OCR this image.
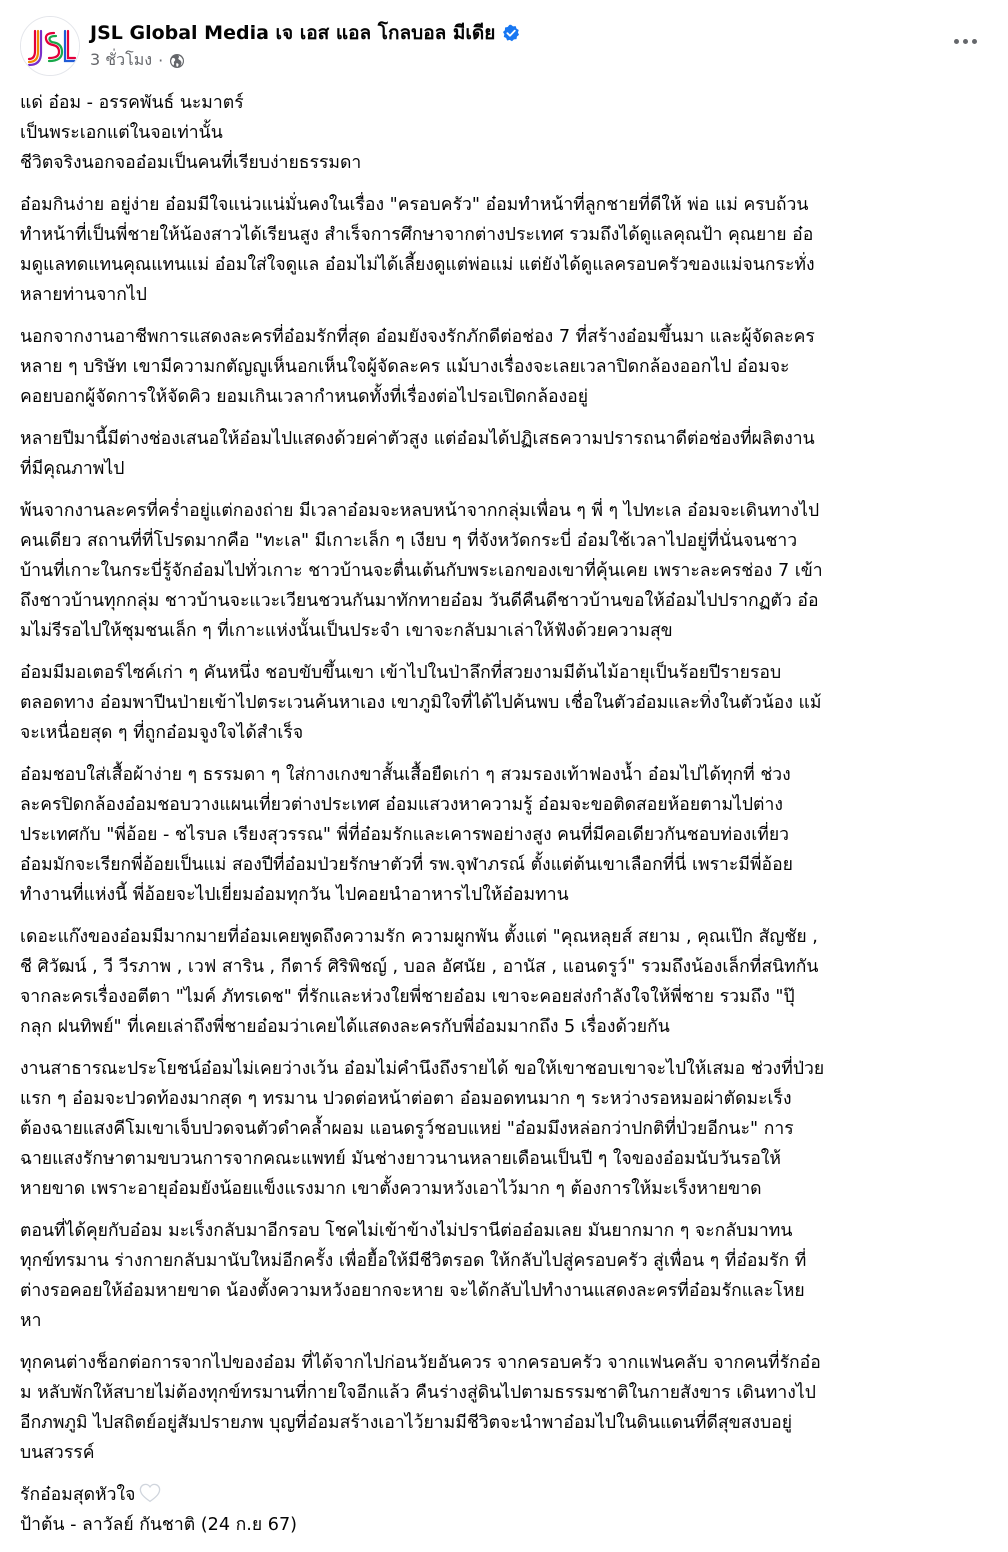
JSL Global Media เจ เอส แอล โกลบอล มีเดีย
3 ชั่วโมง ·
แด่ อ๋อม - อรรคพันธ์ นะมาตร์
เป็นพระเอกแต่ในจอเท่านั้น
ชีวิตจริงนอกจออ๋อมเป็นคนที่เรียบง่ายธรรมดา
อ๋อมกินง่าย อยู่ง่าย อ๋อมมีใจแน่วแน่มั่นคงในเรื่อง "ครอบครัว" อ๋อมทำหน้าที่ลูกชายที่ดีให้ พ่อ แม่ ครบถ้วน
ทำหน้าที่เป็นพี่ชายให้น้องสาวได้เรียนสูง สำเร็จการศึกษาจากต่างประเทศ รวมถึงได้ดูแลคุณป้า คุณยาย อ๋อ
มดูแลทดแทนคุณแทนแม่ อ๋อมใส่ใจดูแล อ๋อมไม่ได้เลี้ยงดูแต่พ่อแม่ แต่ยังได้ดูแลครอบครัวของแม่จนกระทั่ง
หลายท่านจากไป
นอกจากงานอาชีพการแสดงละครที่อ๋อมรักที่สุด อ๋อมยังจงรักภักดีต่อช่อง 7 ที่สร้างอ๋อมขึ้นมา และผู้จัดละคร
หลาย ๆ บริษัท เขามีความกตัญญูเห็นอกเห็นใจผู้จัดละคร แม้บางเรื่องจะเลยเวลาปิดกล้องออกไป อ๋อมจะ
คอยบอกผู้จัดการให้จัดคิว ยอมเกินเวลากำหนดทั้งที่เรื่องต่อไปรอเปิดกล้องอยู่
หลายปีมานี้มีต่างช่องเสนอให้อ๋อมไปแสดงด้วยค่าตัวสูง แต่อ๋อมได้ปฏิเสธความปรารถนาดีต่อช่องที่ผลิตงาน
ที่มีคุณภาพไป
พ้นจากงานละครที่คร่ำอยู่แต่กองถ่าย มีเวลาอ๋อมจะหลบหน้าจากกลุ่มเพื่อน ๆ พี่ ๆ ไปทะเล อ๋อมจะเดินทางไป
คนเดียว สถานที่ที่โปรดมากคือ "ทะเล" มีเกาะเล็ก ๆ เงียบ ๆ ที่จังหวัดกระบี่ อ๋อมใช้เวลาไปอยู่ที่นั่นจนชาว
บ้านที่เกาะในกระบี่รู้จักอ๋อมไปทั่วเกาะ ชาวบ้านจะตื่นเต้นกับพระเอกของเขาที่คุ้นเคย เพราะละครช่อง 7 เข้า
ถึงชาวบ้านทุกกลุ่ม ชาวบ้านจะแวะเวียนชวนกันมาทักทายอ๋อม วันดีคืนดีชาวบ้านขอให้อ๋อมไปปรากฏตัว อ๋อ
มไม่รีรอไปให้ชุมชนเล็ก ๆ ที่เกาะแห่งนั้นเป็นประจำ เขาจะกลับมาเล่าให้ฟังด้วยความสุข
อ๋อมมีมอเตอร์ไซค์เก่า ๆ คันหนึ่ง ชอบขับขึ้นเขา เข้าไปในป่าลึกที่สวยงามมีต้นไม้อายุเป็นร้อยปีรายรอบ
ตลอดทาง อ๋อมพาปีนป่ายเข้าไปตระเวนค้นหาเอง เขาภูมิใจที่ได้ไปค้นพบ เชื่อในตัวอ๋อมและทิ่งในตัวน้อง แม้
จะเหนื่อยสุด ๆ ที่ถูกอ๋อมจูงใจได้สำเร็จ
อ๋อมชอบใส่เสื้อผ้าง่าย ๆ ธรรมดา ๆ ใส่กางเกงขาสั้นเสื้อยืดเก่า ๆ สวมรองเท้าฟองน้ำ อ๋อมไปได้ทุกที่ ช่วง
ละครปิดกล้องอ๋อมชอบวางแผนเที่ยวต่างประเทศ อ๋อมแสวงหาความรู้ อ๋อมจะขอติดสอยห้อยตามไปต่าง
ประเทศกับ "พี่อ้อย - ชไรบล เรียงสุวรรณ" พี่ที่อ๋อมรักและเคารพอย่างสูง คนที่มีคอเดียวกันชอบท่องเที่ยว
อ๋อมมักจะเรียกพี่อ้อยเป็นแม่ สองปีที่อ๋อมป่วยรักษาตัวที่ รพ.จุฬาภรณ์ ตั้งแต่ต้นเขาเลือกที่นี่ เพราะมีพี่อ้อย
ทำงานที่แห่งนี้ พี่อ้อยจะไปเยี่ยมอ๋อมทุกวัน ไปคอยนำอาหารไปให้อ๋อมทาน
เดอะแก๊งของอ๋อมมีมากมายที่อ๋อมเคยพูดถึงความรัก ความผูกพัน ตั้งแต่ "คุณหลุยส์ สยาม , คุณเป๊ก สัญชัย ,
ชี ศิวัฒน์ , วี วีรภาพ , เวฟ สาริน , กีตาร์ ศิริพิชญ์ , บอล อัศนัย , อานัส , แอนดรูว์" รวมถึงน้องเล็กที่สนิทกัน
จากละครเรื่องอตีตา "ไมค์ ภัทรเดช" ที่รักและห่วงใยพี่ชายอ๋อม เขาจะคอยส่งกำลังใจให้พี่ชาย รวมถึง "ปุ๊
กลุก ฝนทิพย์" ที่เคยเล่าถึงพี่ชายอ๋อมว่าเคยได้แสดงละครกับพี่อ๋อมมากถึง 5 เรื่องด้วยกัน
งานสาธารณะประโยชน์อ๋อมไม่เคยว่างเว้น อ๋อมไม่คำนึงถึงรายได้ ขอให้เขาชอบเขาจะไปให้เสมอ ช่วงที่ป่วย
แรก ๆ อ๋อมจะปวดท้องมากสุด ๆ ทรมาน ปวดต่อหน้าต่อตา อ๋อมอดทนมาก ๆ ระหว่างรอหมอผ่าตัดมะเร็ง
ต้องฉายแสงคีโมเขาเจ็บปวดจนตัวดำคล้ำผอม แอนดรูว์ชอบแหย่ "อ๋อมมึงหล่อกว่าปกติที่ป่วยอีกนะ" การ
ฉายแสงรักษาตามขบวนการจากคณะแพทย์ มันช่างยาวนานหลายเดือนเป็นปี ๆ ใจของอ๋อมนับวันรอให้
หายขาด เพราะอายุอ๋อมยังน้อยแข็งแรงมาก เขาตั้งความหวังเอาไว้มาก ๆ ต้องการให้มะเร็งหายขาด
ตอนที่ได้คุยกับอ๋อม มะเร็งกลับมาอีกรอบ โชคไม่เข้าข้างไม่ปรานีต่ออ๋อมเลย มันยากมาก ๆ จะกลับมาทน
ทุกข์ทรมาน ร่างกายกลับมานับใหม่อีกครั้ง เพื่อยื้อให้มีชีวิตรอด ให้กลับไปสู่ครอบครัว สู่เพื่อน ๆ ที่อ๋อมรัก ที่
ต่างรอคอยให้อ๋อมหายขาด น้องตั้งความหวังอยากจะหาย จะได้กลับไปทำงานแสดงละครที่อ๋อมรักและโหย
หา
ทุกคนต่างช็อกต่อการจากไปของอ๋อม ที่ได้จากไปก่อนวัยอันควร จากครอบครัว จากแฟนคลับ จากคนที่รักอ๋อ
ม หลับพักให้สบายไม่ต้องทุกข์ทรมานที่กายใจอีกแล้ว คืนร่างสู่ดินไปตามธรรมชาติในกายสังขาร เดินทางไป
อีกภพภูมิ ไปสถิตย์อยู่สัมปรายภพ บุญที่อ๋อมสร้างเอาไว้ยามมีชีวิตจะนำพาอ๋อมไปในดินแดนที่ดีสุขสงบอยู่
บนสวรรค์
รักอ๋อมสุดหัวใจ
ป้าต้น - ลาวัลย์ กันชาติ (24 ก.ย 67)
